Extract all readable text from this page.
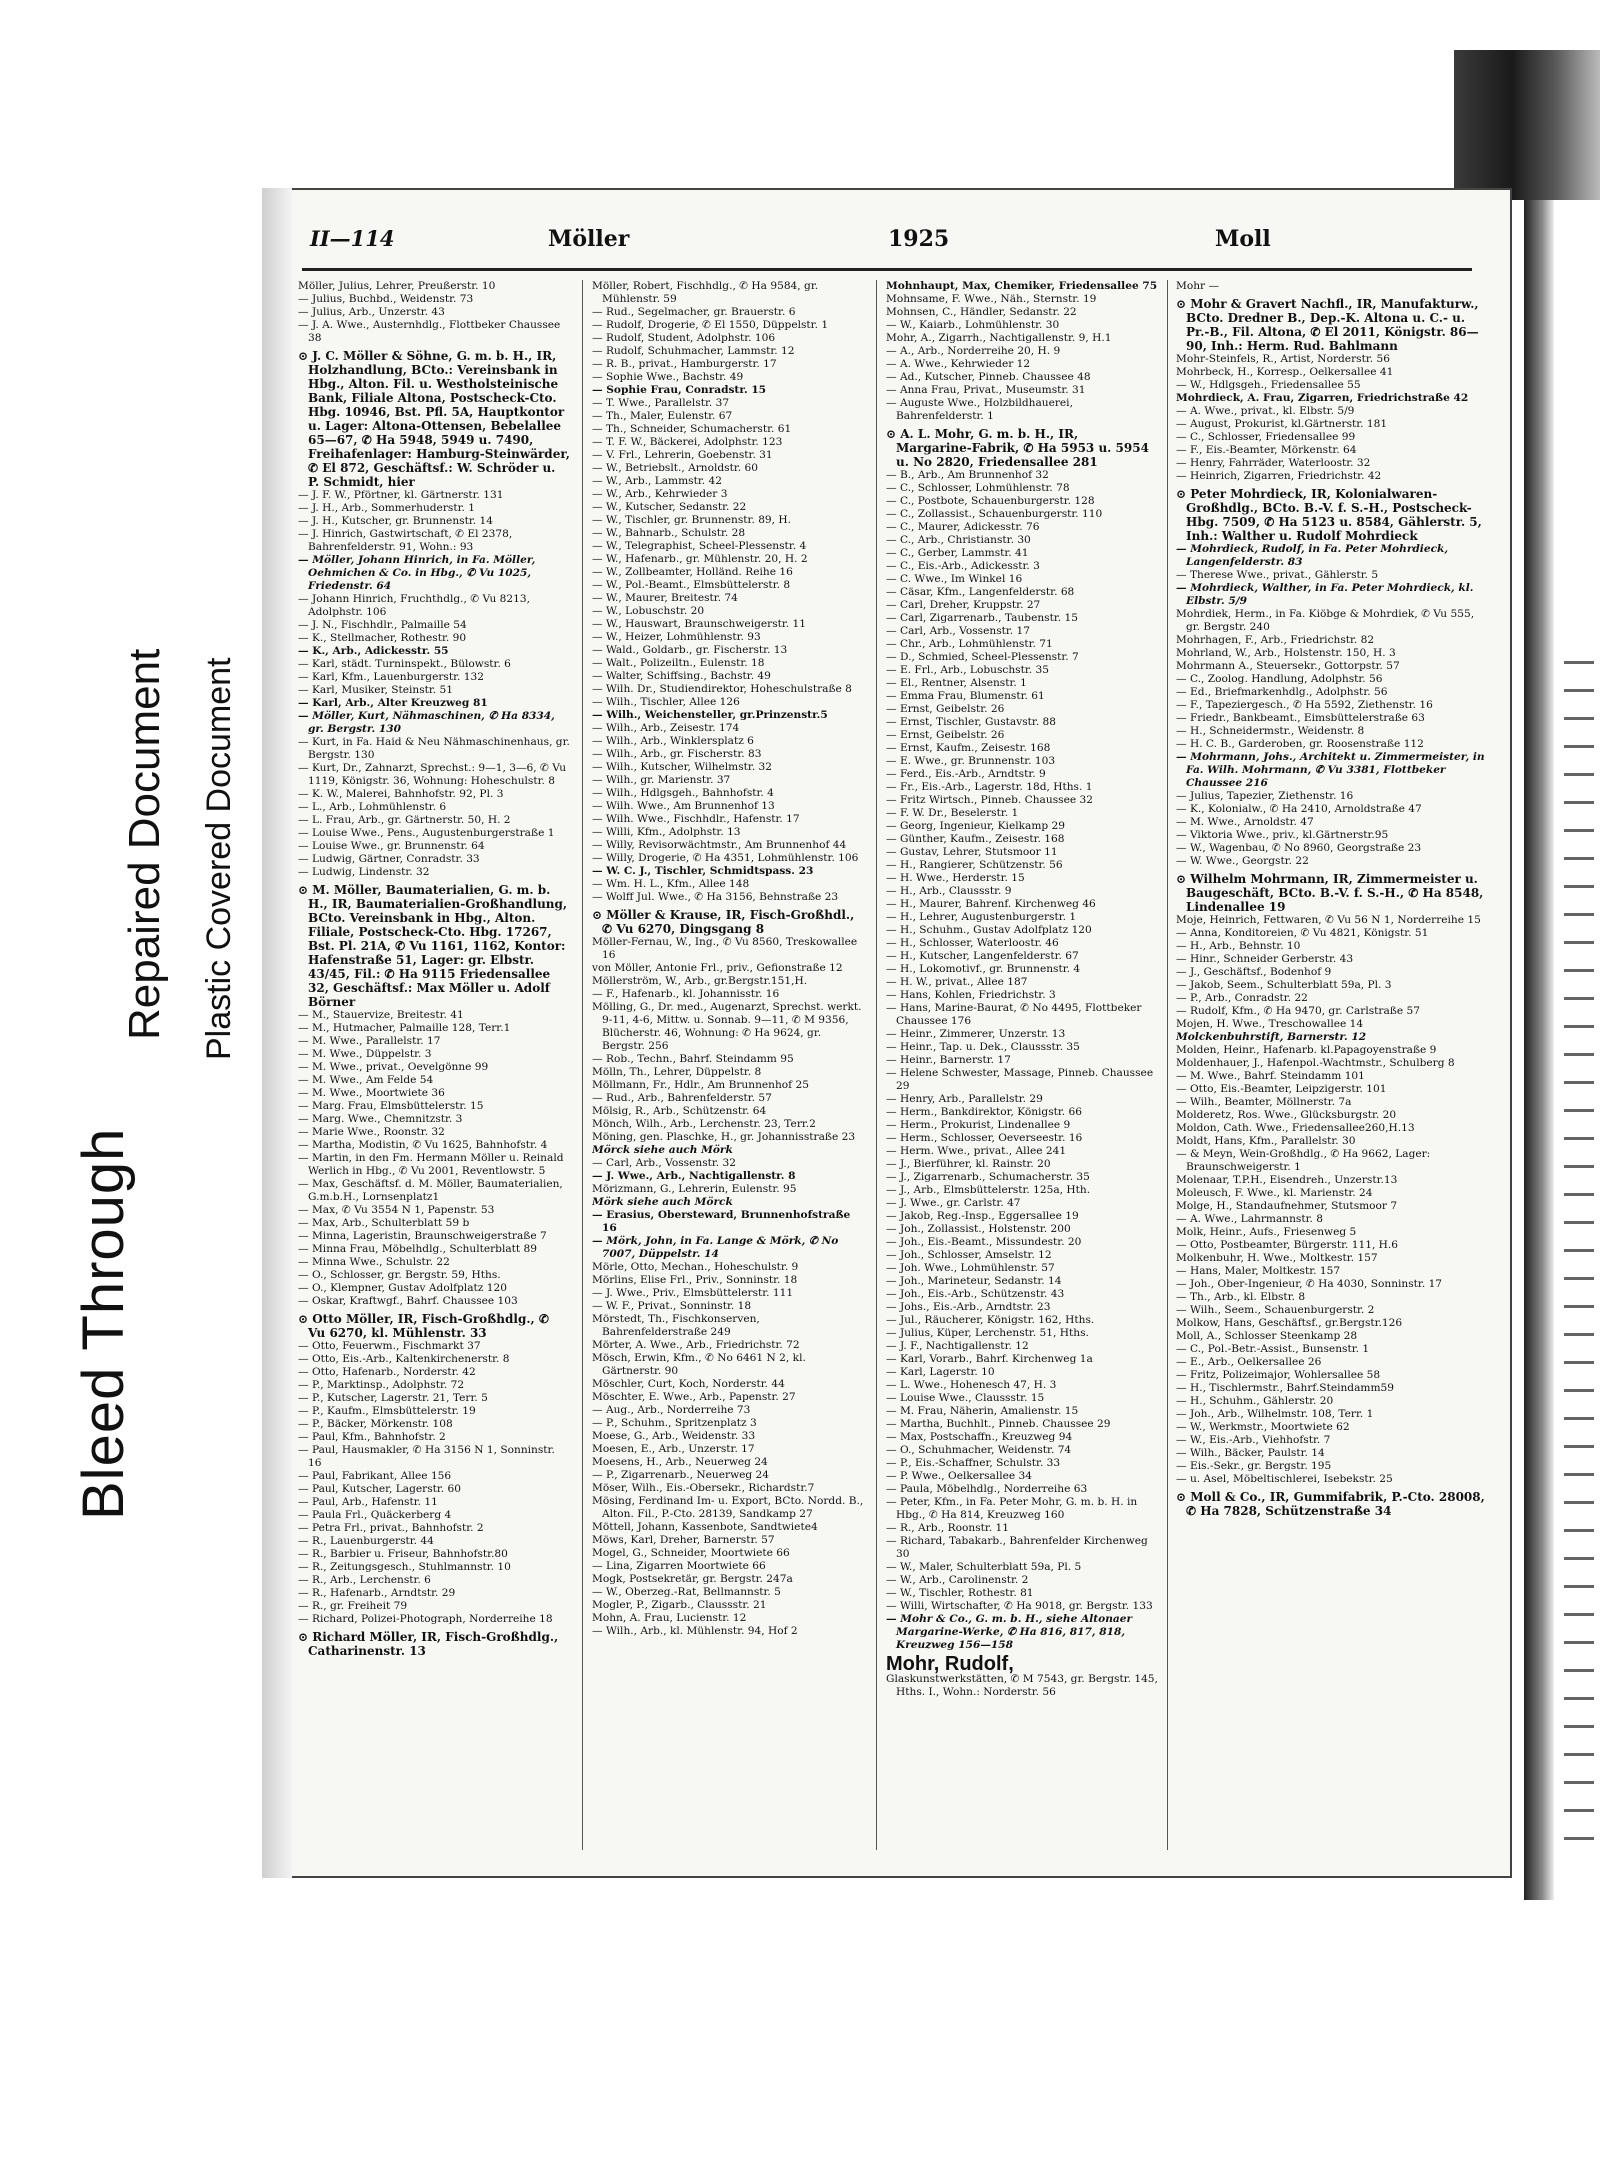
Bleed Through
Repaired Document Plastic Covered Document
II—114	Möller	1925	Moll

Möller, Julius, Lehrer, Preußerstr. 10

— Julius, Buchbd., Weidenstr. 73

— Julius, Arb., Unzerstr. 43

— J. A. Wwe., Austernhdlg., Flottbeker Chaussee 38

⊙ J. C. Möller & Söhne, G. m. b. H., IR, Holzhandlung, BCto.: Vereinsbank in Hbg., Alton. Fil. u. Westholsteinische Bank, Filiale Altona, Postscheck-Cto. Hbg. 10946, Bst. Pfl. 5A, Hauptkontor u. Lager: Altona-Ottensen, Bebelallee 65—67, ✆ Ha 5948, 5949 u. 7490, Freihafenlager: Hamburg-Steinwärder, ✆ El 872, Geschäftsf.: W. Schröder u. P. Schmidt, hier

— J. F. W., Pförtner, kl. Gärtnerstr. 131

— J. H., Arb., Sommerhuderstr. 1

— J. H., Kutscher, gr. Brunnenstr. 14

— J. Hinrich, Gastwirtschaft, ✆ El 2378, Bahrenfelderstr. 91, Wohn.: 93

— Möller, Johann Hinrich, in Fa. Möller, Oehmichen & Co. in Hbg., ✆ Vu 1025, Friedenstr. 64

— Johann Hinrich, Fruchthdlg., ✆ Vu 8213, Adolphstr. 106

— J. N., Fischhdlr., Palmaille 54

— K., Stellmacher, Rothestr. 90

— K., Arb., Adickesstr. 55

— Karl, städt. Turninspekt., Bülowstr. 6

— Karl, Kfm., Lauenburgerstr. 132

— Karl, Musiker, Steinstr. 51

— Karl, Arb., Alter Kreuzweg 81

— Möller, Kurt, Nähmaschinen, ✆ Ha 8334, gr. Bergstr. 130

— Kurt, in Fa. Haid & Neu Nähmaschinenhaus, gr. Bergstr. 130

— Kurt, Dr., Zahnarzt, Sprechst.: 9—1, 3—6, ✆ Vu 1119, Königstr. 36, Wohnung: Hoheschulstr. 8

— K. W., Malerei, Bahnhofstr. 92, Pl. 3

— L., Arb., Lohmühlenstr. 6

— L. Frau, Arb., gr. Gärtnerstr. 50, H. 2

— Louise Wwe., Pens., Augustenburgerstraße 1

— Louise Wwe., gr. Brunnenstr. 64

— Ludwig, Gärtner, Conradstr. 33

— Ludwig, Lindenstr. 32

⊙ M. Möller, Baumaterialien, G. m. b. H., IR, Baumaterialien-Großhandlung, BCto. Vereinsbank in Hbg., Alton. Filiale, Postscheck-Cto. Hbg. 17267, Bst. Pl. 21A, ✆ Vu 1161, 1162, Kontor: Hafenstraße 51, Lager: gr. Elbstr. 43/45, Fil.: ✆ Ha 9115 Friedensallee 32, Geschäftsf.: Max Möller u. Adolf Börner

— M., Stauervize, Breitestr. 41

— M., Hutmacher, Palmaille 128, Terr.1

— M. Wwe., Parallelstr. 17

— M. Wwe., Düppelstr. 3

— M. Wwe., privat., Oevelgönne 99

— M. Wwe., Am Felde 54

— M. Wwe., Moortwiete 36

— Marg. Frau, Elmsbüttelerstr. 15

— Marg. Wwe., Chemnitzstr. 3

— Marie Wwe., Roonstr. 32

— Martha, Modistin, ✆ Vu 1625, Bahnhofstr. 4

— Martin, in den Fm. Hermann Möller u. Reinald Werlich in Hbg., ✆ Vu 2001, Reventlowstr. 5

— Max, Geschäftsf. d. M. Möller, Baumaterialien, G.m.b.H., Lornsenplatz1

— Max, ✆ Vu 3554 N 1, Papenstr. 53

— Max, Arb., Schulterblatt 59 b

— Minna, Lageristin, Braunschweigerstraße 7

— Minna Frau, Möbelhdlg., Schulterblatt 89

— Minna Wwe., Schulstr. 22

— O., Schlosser, gr. Bergstr. 59, Hths.

— O., Klempner, Gustav Adolfplatz 120

— Oskar, Kraftwgf., Bahrf. Chaussee 103

⊙ Otto Möller, IR, Fisch-Großhdlg., ✆ Vu 6270, kl. Mühlenstr. 33

— Otto, Feuerwm., Fischmarkt 37

— Otto, Eis.-Arb., Kaltenkirchenerstr. 8

— Otto, Hafenarb., Norderstr. 42

— P., Marktinsp., Adolphstr. 72

— P., Kutscher, Lagerstr. 21, Terr. 5

— P., Kaufm., Elmsbüttelerstr. 19

— P., Bäcker, Mörkenstr. 108

— Paul, Kfm., Bahnhofstr. 2

— Paul, Hausmakler, ✆ Ha 3156 N 1, Sonninstr. 16

— Paul, Fabrikant, Allee 156

— Paul, Kutscher, Lagerstr. 60

— Paul, Arb., Hafenstr. 11

— Paula Frl., Quäckerberg 4

— Petra Frl., privat., Bahnhofstr. 2

— R., Lauenburgerstr. 44

— R., Barbier u. Friseur, Bahnhofstr.80

— R., Zeitungsgesch., Stuhlmannstr. 10

— R., Arb., Lerchenstr. 6

— R., Hafenarb., Arndtstr. 29

— R., gr. Freiheit 79

— Richard, Polizei-Photograph, Norderreihe 18

⊙ Richard Möller, IR, Fisch-Großhdlg., Catharinenstr. 13

Möller, Robert, Fischhdlg., ✆ Ha 9584, gr. Mühlenstr. 59

— Rud., Segelmacher, gr. Brauerstr. 6

— Rudolf, Drogerie, ✆ El 1550, Düppelstr. 1

— Rudolf, Student, Adolphstr. 106

— Rudolf, Schuhmacher, Lammstr. 12

— R. B., privat., Hamburgerstr. 17

— Sophie Wwe., Bachstr. 49

— Sophie Frau, Conradstr. 15

— T. Wwe., Parallelstr. 37

— Th., Maler, Eulenstr. 67

— Th., Schneider, Schumacherstr. 61

— T. F. W., Bäckerei, Adolphstr. 123

— V. Frl., Lehrerin, Goebenstr. 31

— W., Betriebslt., Arnoldstr. 60

— W., Arb., Lammstr. 42

— W., Arb., Kehrwieder 3

— W., Kutscher, Sedanstr. 22

— W., Tischler, gr. Brunnenstr. 89, H.

— W., Bahnarb., Schulstr. 28

— W., Telegraphist, Scheel-Plessenstr. 4

— W., Hafenarb., gr. Mühlenstr. 20, H. 2

— W., Zollbeamter, Holländ. Reihe 16

— W., Pol.-Beamt., Elmsbüttelerstr. 8

— W., Maurer, Breitestr. 74

— W., Lobuschstr. 20

— W., Hauswart, Braunschweigerstr. 11

— W., Heizer, Lohmühlenstr. 93

— Wald., Goldarb., gr. Fischerstr. 13

— Walt., Polizeiltn., Eulenstr. 18

— Walter, Schiffsing., Bachstr. 49

— Wilh. Dr., Studiendirektor, Hoheschulstraße 8

— Wilh., Tischler, Allee 126

— Wilh., Weichensteller, gr.Prinzenstr.5

— Wilh., Arb., Zeisestr. 174

— Wilh., Arb., Winklersplatz 6

— Wilh., Arb., gr. Fischerstr. 83

— Wilh., Kutscher, Wilhelmstr. 32

— Wilh., gr. Marienstr. 37

— Wilh., Hdlgsgeh., Bahnhofstr. 4

— Wilh. Wwe., Am Brunnenhof 13

— Wilh. Wwe., Fischhdlr., Hafenstr. 17

— Willi, Kfm., Adolphstr. 13

— Willy, Revisorwächtmstr., Am Brunnenhof 44

— Willy, Drogerie, ✆ Ha 4351, Lohmühlenstr. 106

— W. C. J., Tischler, Schmidtspass. 23

— Wm. H. L., Kfm., Allee 148

— Wolff Jul. Wwe., ✆ Ha 3156, Behnstraße 23

⊙ Möller & Krause, IR, Fisch-Großhdl., ✆ Vu 6270, Dingsgang 8

Möller-Fernau, W., Ing., ✆ Vu 8560, Treskowallee 16

von Möller, Antonie Frl., priv., Gefionstraße 12

Möllerström, W., Arb., gr.Bergstr.151,H.

— F., Hafenarb., kl. Johannisstr. 16

Mölling, G., Dr. med., Augenarzt, Sprechst. werkt. 9-11, 4-6, Mittw. u. Sonnab. 9—11, ✆ M 9356, Blücherstr. 46, Wohnung: ✆ Ha 9624, gr. Bergstr. 256

— Rob., Techn., Bahrf. Steindamm 95

Mölln, Th., Lehrer, Düppelstr. 8

Möllmann, Fr., Hdlr., Am Brunnenhof 25

— Rud., Arb., Bahrenfelderstr. 57

Mölsig, R., Arb., Schützenstr. 64

Mönch, Wilh., Arb., Lerchenstr. 23, Terr.2

Möning, gen. Plaschke, H., gr. Johannisstraße 23

Mörck siehe auch Mörk

— Carl, Arb., Vossenstr. 32

— J. Wwe., Arb., Nachtigallenstr. 8

Mörizmann, G., Lehrerin, Eulenstr. 95

Mörk siehe auch Mörck

— Erasius, Obersteward, Brunnenhofstraße 16

— Mörk, John, in Fa. Lange & Mörk, ✆ No 7007, Düppelstr. 14

Mörle, Otto, Mechan., Hoheschulstr. 9

Mörlins, Elise Frl., Priv., Sonninstr. 18

— J. Wwe., Priv., Elmsbüttelerstr. 111

— W. F., Privat., Sonninstr. 18

Mörstedt, Th., Fischkonserven, Bahrenfelderstraße 249

Mörter, A. Wwe., Arb., Friedrichstr. 72

Mösch, Erwin, Kfm., ✆ No 6461 N 2, kl. Gärtnerstr. 90

Möschler, Curt, Koch, Norderstr. 44

Möschter, E. Wwe., Arb., Papenstr. 27

— Aug., Arb., Norderreihe 73

— P., Schuhm., Spritzenplatz 3

Moese, G., Arb., Weidenstr. 33

Moesen, E., Arb., Unzerstr. 17

Moesens, H., Arb., Neuerweg 24

— P., Zigarrenarb., Neuerweg 24

Möser, Wilh., Eis.-Obersekr., Richardstr.7

Mösing, Ferdinand Im- u. Export, BCto. Nordd. B., Alton. Fil., P.-Cto. 28139, Sandkamp 27

Möttell, Johann, Kassenbote, Sandtwiete4

Möws, Karl, Dreher, Barnerstr. 57

Mogel, G., Schneider, Moortwiete 66

— Lina, Zigarren Moortwiete 66

Mogk, Postsekretär, gr. Bergstr. 247a

— W., Oberzeg.-Rat, Bellmannstr. 5

Mogler, P., Zigarb., Claussstr. 21

Mohn, A. Frau, Lucienstr. 12

— Wilh., Arb., kl. Mühlenstr. 94, Hof 2

Mohnhaupt, Max, Chemiker, Friedensallee 75

Mohnsame, F. Wwe., Näh., Sternstr. 19

Mohnsen, C., Händler, Sedanstr. 22

— W., Kaiarb., Lohmühlenstr. 30

Mohr, A., Zigarrh., Nachtigallenstr. 9, H.1

— A., Arb., Norderreihe 20, H. 9

— A. Wwe., Kehrwieder 12

— Ad., Kutscher, Pinneb. Chaussee 48

— Anna Frau, Privat., Museumstr. 31

— Auguste Wwe., Holzbildhauerei, Bahrenfelderstr. 1

⊙ A. L. Mohr, G. m. b. H., IR, Margarine-Fabrik, ✆ Ha 5953 u. 5954 u. No 2820, Friedensallee 281

— B., Arb., Am Brunnenhof 32

— C., Schlosser, Lohmühlenstr. 78

— C., Postbote, Schauenburgerstr. 128

— C., Zollassist., Schauenburgerstr. 110

— C., Maurer, Adickesstr. 76

— C., Arb., Christianstr. 30

— C., Gerber, Lammstr. 41

— C., Eis.-Arb., Adickesstr. 3

— C. Wwe., Im Winkel 16

— Cäsar, Kfm., Langenfelderstr. 68

— Carl, Dreher, Kruppstr. 27

— Carl, Zigarrenarb., Taubenstr. 15

— Carl, Arb., Vossenstr. 17

— Chr., Arb., Lohmühlenstr. 71

— D., Schmied, Scheel-Plessenstr. 7

— E. Frl., Arb., Lobuschstr. 35

— El., Rentner, Alsenstr. 1

— Emma Frau, Blumenstr. 61

— Ernst, Geibelstr. 26

— Ernst, Tischler, Gustavstr. 88

— Ernst, Geibelstr. 26

— Ernst, Kaufm., Zeisestr. 168

— E. Wwe., gr. Brunnenstr. 103

— Ferd., Eis.-Arb., Arndtstr. 9

— Fr., Eis.-Arb., Lagerstr. 18d, Hths. 1

— Fritz Wirtsch., Pinneb. Chaussee 32

— F. W. Dr., Beselerstr. 1

— Georg, Ingenieur, Kielkamp 29

— Günther, Kaufm., Zeisestr. 168

— Gustav, Lehrer, Stutsmoor 11

— H., Rangierer, Schützenstr. 56

— H. Wwe., Herderstr. 15

— H., Arb., Claussstr. 9

— H., Maurer, Bahrenf. Kirchenweg 46

— H., Lehrer, Augustenburgerstr. 1

— H., Schuhm., Gustav Adolfplatz 120

— H., Schlosser, Waterloostr. 46

— H., Kutscher, Langenfelderstr. 67

— H., Lokomotivf., gr. Brunnenstr. 4

— H. W., privat., Allee 187

— Hans, Kohlen, Friedrichstr. 3

— Hans, Marine-Baurat, ✆ No 4495, Flottbeker Chaussee 176

— Heinr., Zimmerer, Unzerstr. 13

— Heinr., Tap. u. Dek., Claussstr. 35

— Heinr., Barnerstr. 17

— Helene Schwester, Massage, Pinneb. Chaussee 29

— Henry, Arb., Parallelstr. 29

— Herm., Bankdirektor, Königstr. 66

— Herm., Prokurist, Lindenallee 9

— Herm., Schlosser, Oeverseestr. 16

— Herm. Wwe., privat., Allee 241

— J., Bierführer, kl. Rainstr. 20

— J., Zigarrenarb., Schumacherstr. 35

— J., Arb., Elmsbüttelerstr. 125a, Hth.

— J. Wwe., gr. Carlstr. 47

— Jakob, Reg.-Insp., Eggersallee 19

— Joh., Zollassist., Holstenstr. 200

— Joh., Eis.-Beamt., Missundestr. 20

— Joh., Schlosser, Amselstr. 12

— Joh. Wwe., Lohmühlenstr. 57

— Joh., Marineteur, Sedanstr. 14

— Joh., Eis.-Arb., Schützenstr. 43

— Johs., Eis.-Arb., Arndtstr. 23

— Jul., Räucherer, Königstr. 162, Hths.

— Julius, Küper, Lerchenstr. 51, Hths.

— J. F., Nachtigallenstr. 12

— Karl, Vorarb., Bahrf. Kirchenweg 1a

— Karl, Lagerstr. 10

— L. Wwe., Hohenesch 47, H. 3

— Louise Wwe., Claussstr. 15

— M. Frau, Näherin, Amalienstr. 15

— Martha, Buchhlt., Pinneb. Chaussee 29

— Max, Postschaffn., Kreuzweg 94

— O., Schuhmacher, Weidenstr. 74

— P., Eis.-Schaffner, Schulstr. 33

— P. Wwe., Oelkersallee 34

— Paula, Möbelhdlg., Norderreihe 63

— Peter, Kfm., in Fa. Peter Mohr, G. m. b. H. in Hbg., ✆ Ha 814, Kreuzweg 160

— R., Arb., Roonstr. 11

— Richard, Tabakarb., Bahrenfelder Kirchenweg 30

— W., Maler, Schulterblatt 59a, Pl. 5

— W., Arb., Carolinenstr. 2

— W., Tischler, Rothestr. 81

— Willi, Wirtschafter, ✆ Ha 9018, gr. Bergstr. 133

— Mohr & Co., G. m. b. H., siehe Altonaer Margarine-Werke, ✆ Ha 816, 817, 818, Kreuzweg 156—158

Mohr, Rudolf,

Glaskunstwerkstätten, ✆ M 7543, gr. Bergstr. 145, Hths. I., Wohn.: Norderstr. 56

Mohr —

⊙ Mohr & Gravert Nachfl., IR, Manufakturw., BCto. Dredner B., Dep.-K. Altona u. C.- u. Pr.-B., Fil. Altona, ✆ El 2011, Königstr. 86—90, Inh.: Herm. Rud. Bahlmann

Mohr-Steinfels, R., Artist, Norderstr. 56

Mohrbeck, H., Korresp., Oelkersallee 41

— W., Hdlgsgeh., Friedensallee 55

Mohrdieck, A. Frau, Zigarren, Friedrichstraße 42

— A. Wwe., privat., kl. Elbstr. 5/9

— August, Prokurist, kl.Gärtnerstr. 181

— C., Schlosser, Friedensallee 99

— F., Eis.-Beamter, Mörkenstr. 64

— Henry, Fahrräder, Waterloostr. 32

— Heinrich, Zigarren, Friedrichstr. 42

⊙ Peter Mohrdieck, IR, Kolonialwaren-Großhdlg., BCto. B.-V. f. S.-H., Postscheck- Hbg. 7509, ✆ Ha 5123 u. 8584, Gählerstr. 5, Inh.: Walther u. Rudolf Mohrdieck

— Mohrdieck, Rudolf, in Fa. Peter Mohrdieck, Langenfelderstr. 83

— Therese Wwe., privat., Gählerstr. 5

— Mohrdieck, Walther, in Fa. Peter Mohrdieck, kl. Elbstr. 5/9

Mohrdiek, Herm., in Fa. Kiöbge & Mohrdiek, ✆ Vu 555, gr. Bergstr. 240

Mohrhagen, F., Arb., Friedrichstr. 82

Mohrland, W., Arb., Holstenstr. 150, H. 3

Mohrmann A., Steuersekr., Gottorpstr. 57

— C., Zoolog. Handlung, Adolphstr. 56

— Ed., Briefmarkenhdlg., Adolphstr. 56

— F., Tapeziergesch., ✆ Ha 5592, Ziethenstr. 16

— Friedr., Bankbeamt., Eimsbüttelerstraße 63

— H., Schneidermstr., Weidenstr. 8

— H. C. B., Garderoben, gr. Roosenstraße 112

— Mohrmann, Johs., Architekt u. Zimmermeister, in Fa. Wilh. Mohrmann, ✆ Vu 3381, Flottbeker Chaussee 216

— Julius, Tapezier, Ziethenstr. 16

— K., Kolonialw., ✆ Ha 2410, Arnoldstraße 47

— M. Wwe., Arnoldstr. 47

— Viktoria Wwe., priv., kl.Gärtnerstr.95

— W., Wagenbau, ✆ No 8960, Georgstraße 23

— W. Wwe., Georgstr. 22

⊙ Wilhelm Mohrmann, IR, Zimmermeister u. Baugeschäft, BCto. B.-V. f. S.-H., ✆ Ha 8548, Lindenallee 19

Moje, Heinrich, Fettwaren, ✆ Vu 56 N 1, Norderreihe 15

— Anna, Konditoreien, ✆ Vu 4821, Königstr. 51

— H., Arb., Behnstr. 10

— Hinr., Schneider Gerberstr. 43

— J., Geschäftsf., Bodenhof 9

— Jakob, Seem., Schulterblatt 59a, Pl. 3

— P., Arb., Conradstr. 22

— Rudolf, Kfm., ✆ Ha 9470, gr. Carlstraße 57

Mojen, H. Wwe., Treschowallee 14

Molckenbuhrstift, Barnerstr. 12

Molden, Heinr., Hafenarb. kl.Papagoyenstraße 9

Moldenhauer, J., Hafenpol.-Wachtmstr., Schulberg 8

— M. Wwe., Bahrf. Steindamm 101

— Otto, Eis.-Beamter, Leipzigerstr. 101

— Wilh., Beamter, Möllnerstr. 7a

Molderetz, Ros. Wwe., Glücksburgstr. 20

Moldon, Cath. Wwe., Friedensallee260,H.13

Moldt, Hans, Kfm., Parallelstr. 30

— & Meyn, Wein-Großhdlg., ✆ Ha 9662, Lager: Braunschweigerstr. 1

Molenaar, T.P.H., Eisendreh., Unzerstr.13

Moleusch, F. Wwe., kl. Marienstr. 24

Molge, H., Standaufnehmer, Stutsmoor 7

— A. Wwe., Lahrmannstr. 8

Molk, Heinr., Aufs., Friesenweg 5

— Otto, Postbeamter, Bürgerstr. 111, H.6

Molkenbuhr, H. Wwe., Moltkestr. 157

— Hans, Maler, Moltkestr. 157

— Joh., Ober-Ingenieur, ✆ Ha 4030, Sonninstr. 17

— Th., Arb., kl. Elbstr. 8

— Wilh., Seem., Schauenburgerstr. 2

Molkow, Hans, Geschäftsf., gr.Bergstr.126

Moll, A., Schlosser Steenkamp 28

— C., Pol.-Betr.-Assist., Bunsenstr. 1

— E., Arb., Oelkersallee 26

— Fritz, Polizeimajor, Wohlersallee 58

— H., Tischlermstr., Bahrf.Steindamm59

— H., Schuhm., Gählerstr. 20

— Joh., Arb., Wilhelmstr. 108, Terr. 1

— W., Werkmstr., Moortwiete 62

— W., Eis.-Arb., Viehhofstr. 7

— Wilh., Bäcker, Paulstr. 14

— Eis.-Sekr., gr. Bergstr. 195

— u. Asel, Möbeltischlerei, Isebekstr. 25

⊙ Moll & Co., IR, Gummifabrik, P.-Cto. 28008, ✆ Ha 7828, Schützenstraße 34
